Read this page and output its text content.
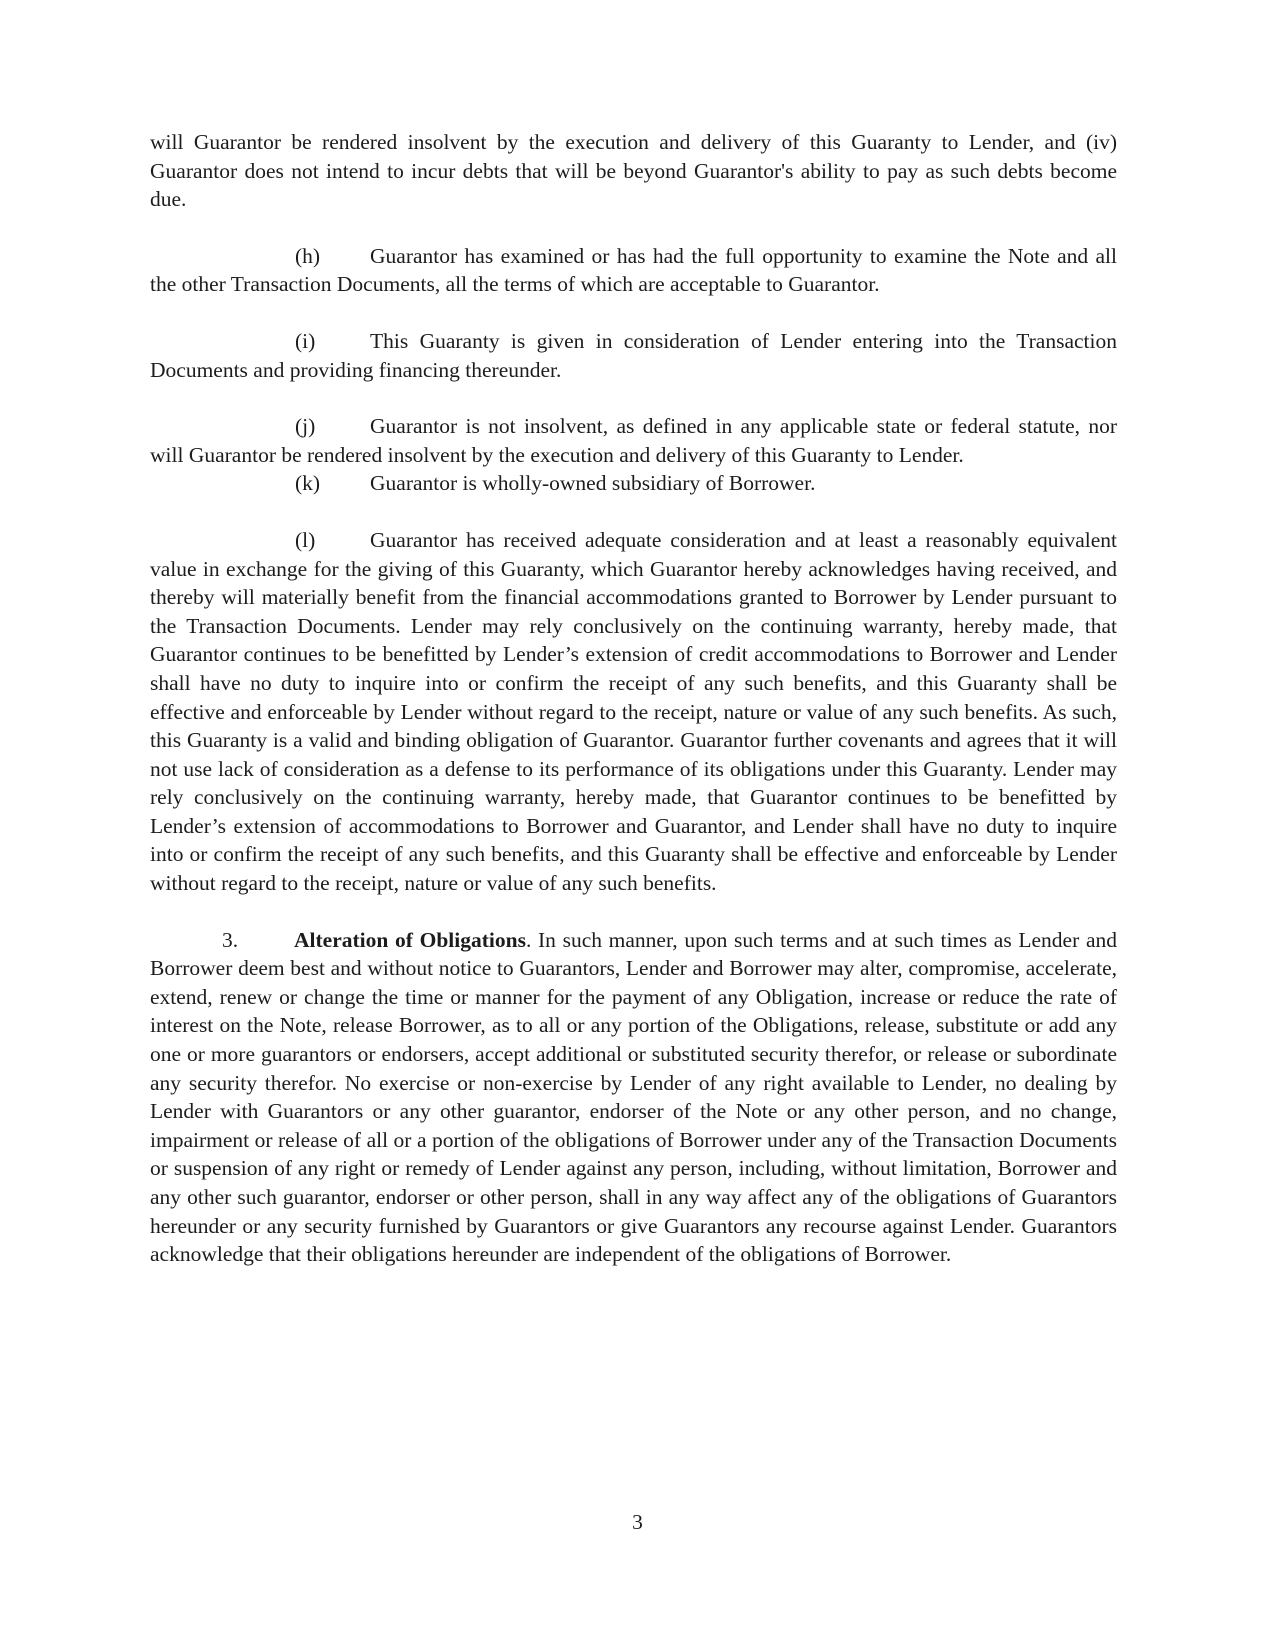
will Guarantor be rendered insolvent by the execution and delivery of this Guaranty to Lender, and (iv) Guarantor does not intend to incur debts that will be beyond Guarantor's ability to pay as such debts become due.

(h) Guarantor has examined or has had the full opportunity to examine the Note and all the other Transaction Documents, all the terms of which are acceptable to Guarantor.

(i)	This Guaranty is given in consideration of Lender entering into the Transaction Documents and providing financing thereunder.

(j)	Guarantor is not insolvent, as defined in any applicable state or federal statute, nor will Guarantor be rendered insolvent by the execution and delivery of this Guaranty to Lender.

(k) Guarantor is wholly-owned subsidiary of Borrower.

(l)	Guarantor has received adequate consideration and at least a reasonably equivalent value in exchange for the giving of this Guaranty, which Guarantor hereby acknowledges having received, and thereby will materially benefit from the financial accommodations granted to Borrower by Lender pursuant to the Transaction Documents. Lender may rely conclusively on the continuing warranty, hereby made, that Guarantor continues to be benefitted by Lender’s extension of credit accommodations to Borrower and Lender shall have no duty to inquire into or confirm the receipt of any such benefits, and this Guaranty shall be effective and enforceable by Lender without regard to the receipt, nature or value of any such benefits. As such, this Guaranty is a valid and binding obligation of Guarantor. Guarantor further covenants and agrees that it will not use lack of consideration as a defense to its performance of its obligations under this Guaranty. Lender may rely conclusively on the continuing warranty, hereby made, that Guarantor continues to be benefitted by Lender’s extension of accommodations to Borrower and Guarantor, and Lender shall have no duty to inquire into or confirm the receipt of any such benefits, and this Guaranty shall be effective and enforceable by Lender without regard to the receipt, nature or value of any such benefits.

3.	Alteration of Obligations. In such manner, upon such terms and at such times as Lender and Borrower deem best and without notice to Guarantors, Lender and Borrower may alter, compromise, accelerate, extend, renew or change the time or manner for the payment of any Obligation, increase or reduce the rate of interest on the Note, release Borrower, as to all or any portion of the Obligations, release, substitute or add any one or more guarantors or endorsers, accept additional or substituted security therefor, or release or subordinate any security therefor. No exercise or non-exercise by Lender of any right available to Lender, no dealing by Lender with Guarantors or any other guarantor, endorser of the Note or any other person, and no change, impairment or release of all or a portion of the obligations of Borrower under any of the Transaction Documents or suspension of any right or remedy of Lender against any person, including, without limitation, Borrower and any other such guarantor, endorser or other person, shall in any way affect any of the obligations of Guarantors hereunder or any security furnished by Guarantors or give Guarantors any recourse against Lender. Guarantors acknowledge that their obligations hereunder are independent of the obligations of Borrower.

3
